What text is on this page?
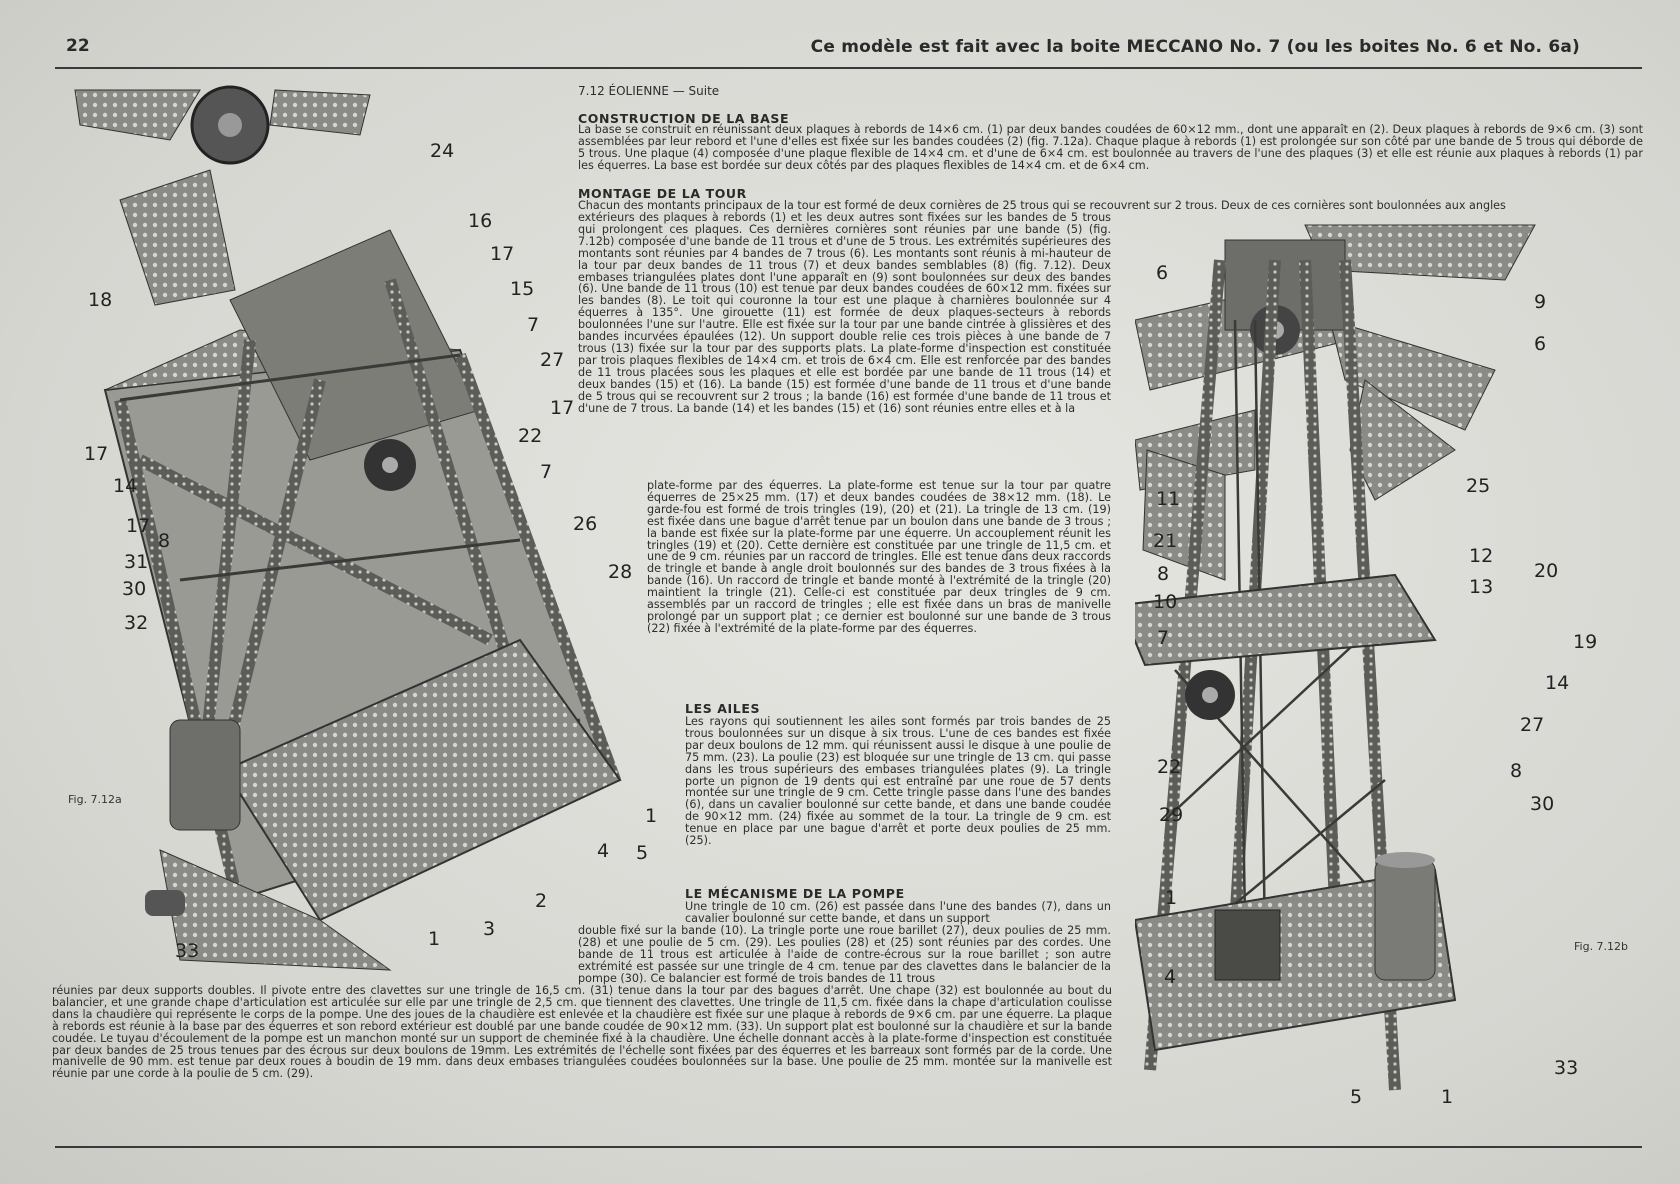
22	Ce modèle est fait avec la boite MECCANO No. 7 (ou les boites No. 6 et No. 6a)
Fig. 7.12a
24
16
17
15
18
7
27
17
22
7
17
14
17
8
26
28
31
30
32
1
4 5
2
3
1
33	Fig. 7.12b
6
9
6
25
11
12
21
13
20
8
10
19
7
14
27
22	8
29	30
1
4
5	1
33
7.12 ÉOLIENNE — Suite
CONSTRUCTION DE LA BASE

La base se construit en réunissant deux plaques à rebords de 14×6 cm. (1) par deux bandes coudées de 60×12 mm., dont une apparaît en (2). Deux plaques à rebords de 9×6 cm. (3) sont assemblées par leur rebord et l'une d'elles est fixée sur les bandes coudées (2) (fig. 7.12a). Chaque plaque à rebords (1) est prolongée sur son côté par une bande de 5 trous qui déborde de 5 trous. Une plaque (4) composée d'une plaque flexible de 14×4 cm. et d'une de 6×4 cm. est boulonnée au travers de l'une des plaques (3) et elle est réunie aux plaques à rebords (1) par les équerres. La base est bordée sur deux côtés par des plaques flexibles de 14×4 cm. et de 6×4 cm.

MONTAGE DE LA TOUR

Chacun des montants principaux de la tour est formé de deux cornières de 25 trous qui se recouvrent sur 2 trous. Deux de ces cornières sont boulonnées aux angles

extérieurs des plaques à rebords (1) et les deux autres sont fixées sur les bandes de 5 trous qui prolongent ces plaques. Ces dernières cornières sont réunies par une bande (5) (fig. 7.12b) composée d'une bande de 11 trous et d'une de 5 trous. Les extrémités supérieures des montants sont réunies par 4 bandes de 7 trous (6). Les montants sont réunis à mi-hauteur de la tour par deux bandes de 11 trous (7) et deux bandes semblables (8) (fig. 7.12). Deux embases triangulées plates dont l'une apparaît en (9) sont boulonnées sur deux des bandes (6). Une bande de 11 trous (10) est tenue par deux bandes coudées de 60×12 mm. fixées sur les bandes (8). Le toit qui couronne la tour est une plaque à charnières boulonnée sur 4 équerres à 135°. Une girouette (11) est formée de deux plaques-secteurs à rebords boulonnées l'une sur l'autre. Elle est fixée sur la tour par une bande cintrée à glissières et des bandes incurvées épaulées (12). Un support double relie ces trois pièces à une bande de 7 trous (13) fixée sur la tour par des supports plats. La plate-forme d'inspection est constituée par trois plaques flexibles de 14×4 cm. et trois de 6×4 cm. Elle est renforcée par des bandes de 11 trous placées sous les plaques et elle est bordée par une bande de 11 trous (14) et deux bandes (15) et (16). La bande (15) est formée d'une bande de 11 trous et d'une bande de 5 trous qui se recouvrent sur 2 trous ; la bande (16) est formée d'une bande de 11 trous et d'une de 7 trous. La bande (14) et les bandes (15) et (16) sont réunies entre elles et à la

plate-forme par des équerres. La plate-forme est tenue sur la tour par quatre équerres de 25×25 mm. (17) et deux bandes coudées de 38×12 mm. (18). Le garde-fou est formé de trois tringles (19), (20) et (21). La tringle de 13 cm. (19) est fixée dans une bague d'arrêt tenue par un boulon dans une bande de 3 trous ; la bande est fixée sur la plate-forme par une équerre. Un accouplement réunit les tringles (19) et (20). Cette dernière est constituée par une tringle de 11,5 cm. et une de 9 cm. réunies par un raccord de tringles. Elle est tenue dans deux raccords de tringle et bande à angle droit boulonnés sur des bandes de 3 trous fixées à la bande (16). Un raccord de tringle et bande monté à l'extrémité de la tringle (20) maintient la tringle (21). Celle-ci est constituée par deux tringles de 9 cm. assemblés par un raccord de tringles ; elle est fixée dans un bras de manivelle prolongé par un support plat ; ce dernier est boulonné sur une bande de 3 trous (22) fixée à l'extrémité de la plate-forme par des équerres.

LES AILES

Les rayons qui soutiennent les ailes sont formés par trois bandes de 25 trous boulonnées sur un disque à six trous. L'une de ces bandes est fixée par deux boulons de 12 mm. qui réunissent aussi le disque à une poulie de 75 mm. (23). La poulie (23) est bloquée sur une tringle de 13 cm. qui passe dans les trous supérieurs des embases triangulées plates (9). La tringle porte un pignon de 19 dents qui est entraîné par une roue de 57 dents montée sur une tringle de 9 cm. Cette tringle passe dans l'une des bandes (6), dans un cavalier boulonné sur cette bande, et dans une bande coudée de 90×12 mm. (24) fixée au sommet de la tour. La tringle de 9 cm. est tenue en place par une bague d'arrêt et porte deux poulies de 25 mm. (25).

LE MÉCANISME DE LA POMPE

Une tringle de 10 cm. (26) est passée dans l'une des bandes (7), dans un cavalier boulonné sur cette bande, et dans un support

double fixé sur la bande (10). La tringle porte une roue barillet (27), deux poulies de 25 mm. (28) et une poulie de 5 cm. (29). Les poulies (28) et (25) sont réunies par des cordes. Une bande de 11 trous est articulée à l'aide de contre-écrous sur la roue barillet ; son autre extrémité est passée sur une tringle de 4 cm. tenue par des clavettes dans le balancier de la pompe (30). Ce balancier est formé de trois bandes de 11 trous

réunies par deux supports doubles. Il pivote entre des clavettes sur une tringle de 16,5 cm. (31) tenue dans la tour par des bagues d'arrêt. Une chape (32) est boulonnée au bout du balancier, et une grande chape d'articulation est articulée sur elle par une tringle de 2,5 cm. que tiennent des clavettes. Une tringle de 11,5 cm. fixée dans la chape d'articulation coulisse dans la chaudière qui représente le corps de la pompe. Une des joues de la chaudière est enlevée et la chaudière est fixée sur une plaque à rebords de 9×6 cm. par une équerre. La plaque à rebords est réunie à la base par des équerres et son rebord extérieur est doublé par une bande coudée de 90×12 mm. (33). Un support plat est boulonné sur la chaudière et sur la bande coudée. Le tuyau d'écoulement de la pompe est un manchon monté sur un support de cheminée fixé à la chaudière. Une échelle donnant accès à la plate-forme d'inspection est constituée par deux bandes de 25 trous tenues par des écrous sur deux boulons de 19mm. Les extrémités de l'échelle sont fixées par des équerres et les barreaux sont formés par de la corde. Une manivelle de 90 mm. est tenue par deux roues à boudin de 19 mm. dans deux embases triangulées coudées boulonnées sur la base. Une poulie de 25 mm. montée sur la manivelle est réunie par une corde à la poulie de 5 cm. (29).
